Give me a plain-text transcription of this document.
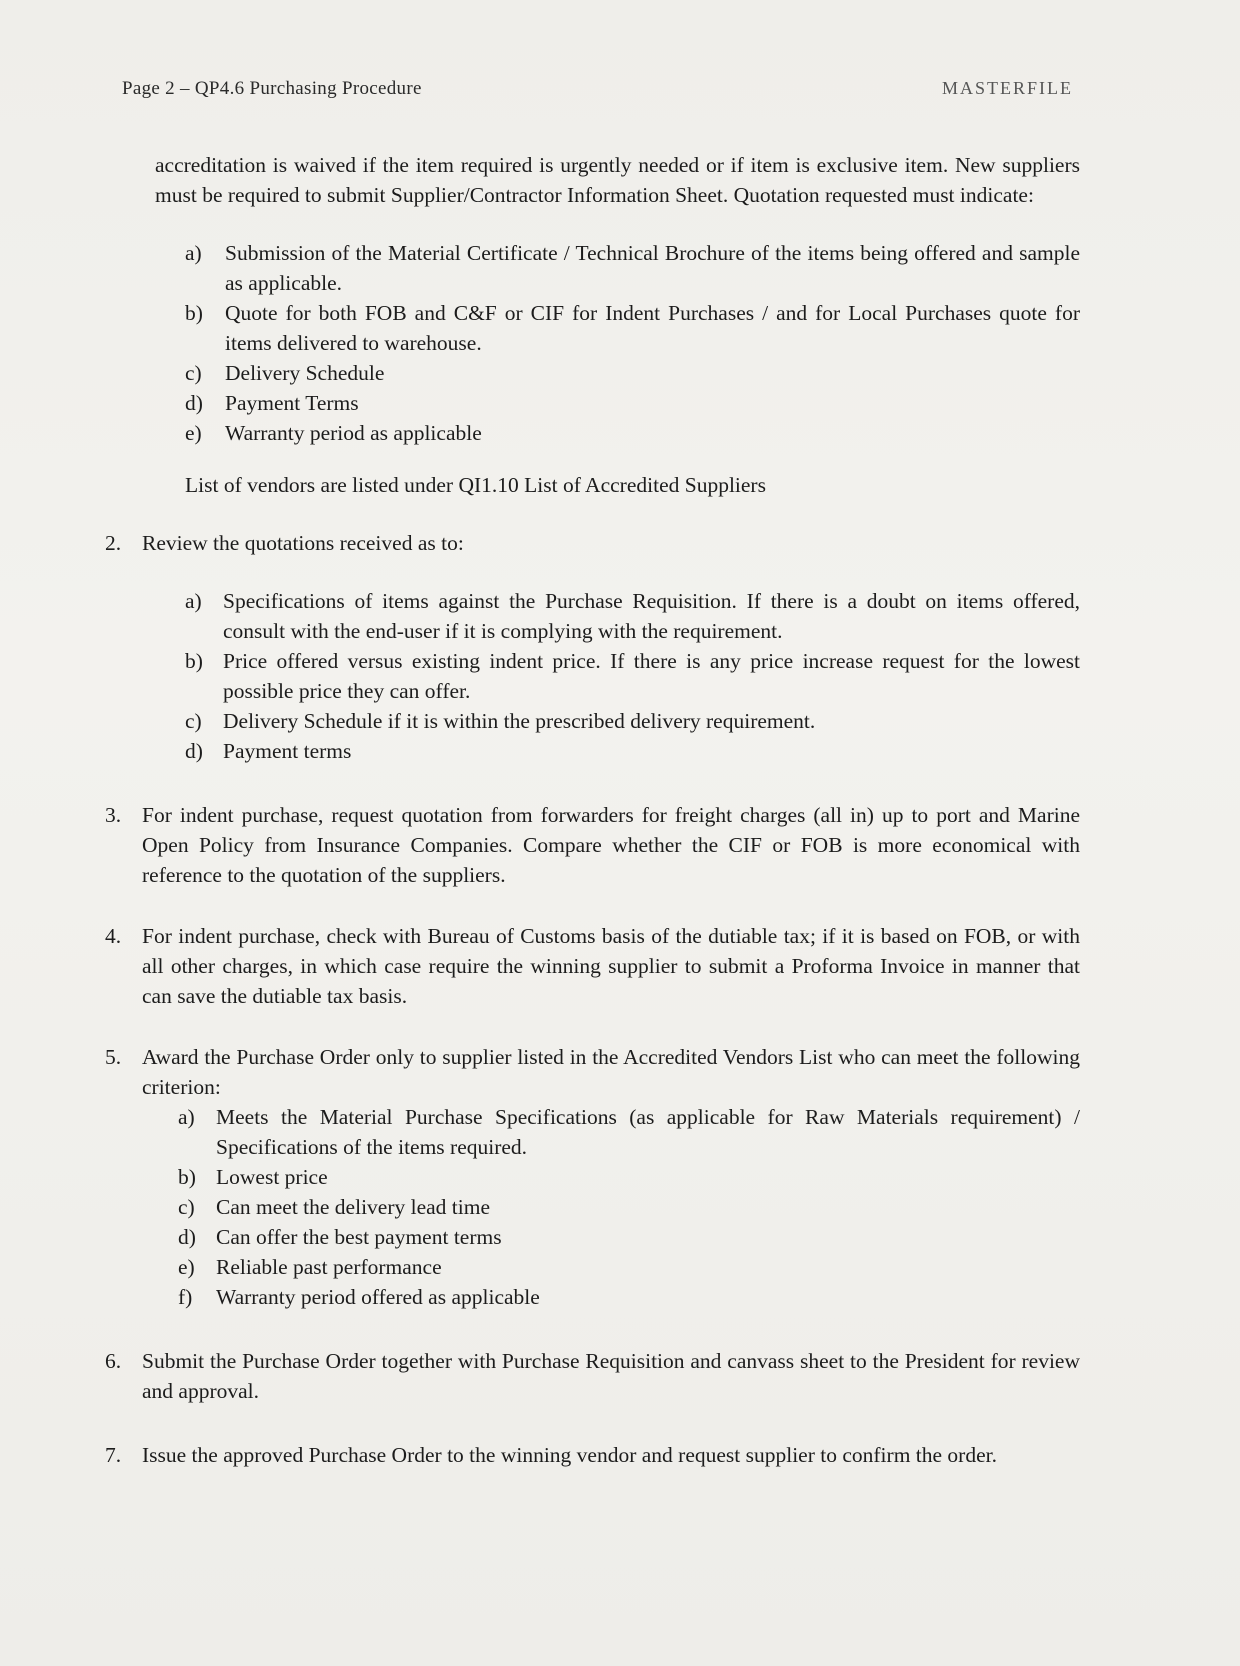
Page 2 – QP4.6 Purchasing Procedure	MASTERFILE
accreditation is waived if the item required is urgently needed or if item is exclusive item. New suppliers must be required to submit Supplier/Contractor Information Sheet. Quotation requested must indicate:
a) Submission of the Material Certificate / Technical Brochure of the items being offered and sample as applicable.
b) Quote for both FOB and C&F or CIF for Indent Purchases / and for Local Purchases quote for items delivered to warehouse.
c) Delivery Schedule
d) Payment Terms
e) Warranty period as applicable
List of vendors are listed under QI1.10 List of Accredited Suppliers
2. Review the quotations received as to:
a) Specifications of items against the Purchase Requisition. If there is a doubt on items offered, consult with the end-user if it is complying with the requirement.
b) Price offered versus existing indent price. If there is any price increase request for the lowest possible price they can offer.
c) Delivery Schedule if it is within the prescribed delivery requirement.
d) Payment terms
3. For indent purchase, request quotation from forwarders for freight charges (all in) up to port and Marine Open Policy from Insurance Companies. Compare whether the CIF or FOB is more economical with reference to the quotation of the suppliers.
4. For indent purchase, check with Bureau of Customs basis of the dutiable tax; if it is based on FOB, or with all other charges, in which case require the winning supplier to submit a Proforma Invoice in manner that can save the dutiable tax basis.
5. Award the Purchase Order only to supplier listed in the Accredited Vendors List who can meet the following criterion:
a) Meets the Material Purchase Specifications (as applicable for Raw Materials requirement) / Specifications of the items required.
b) Lowest price
c) Can meet the delivery lead time
d) Can offer the best payment terms
e) Reliable past performance
f) Warranty period offered as applicable
6. Submit the Purchase Order together with Purchase Requisition and canvass sheet to the President for review and approval.
7. Issue the approved Purchase Order to the winning vendor and request supplier to confirm the order.
